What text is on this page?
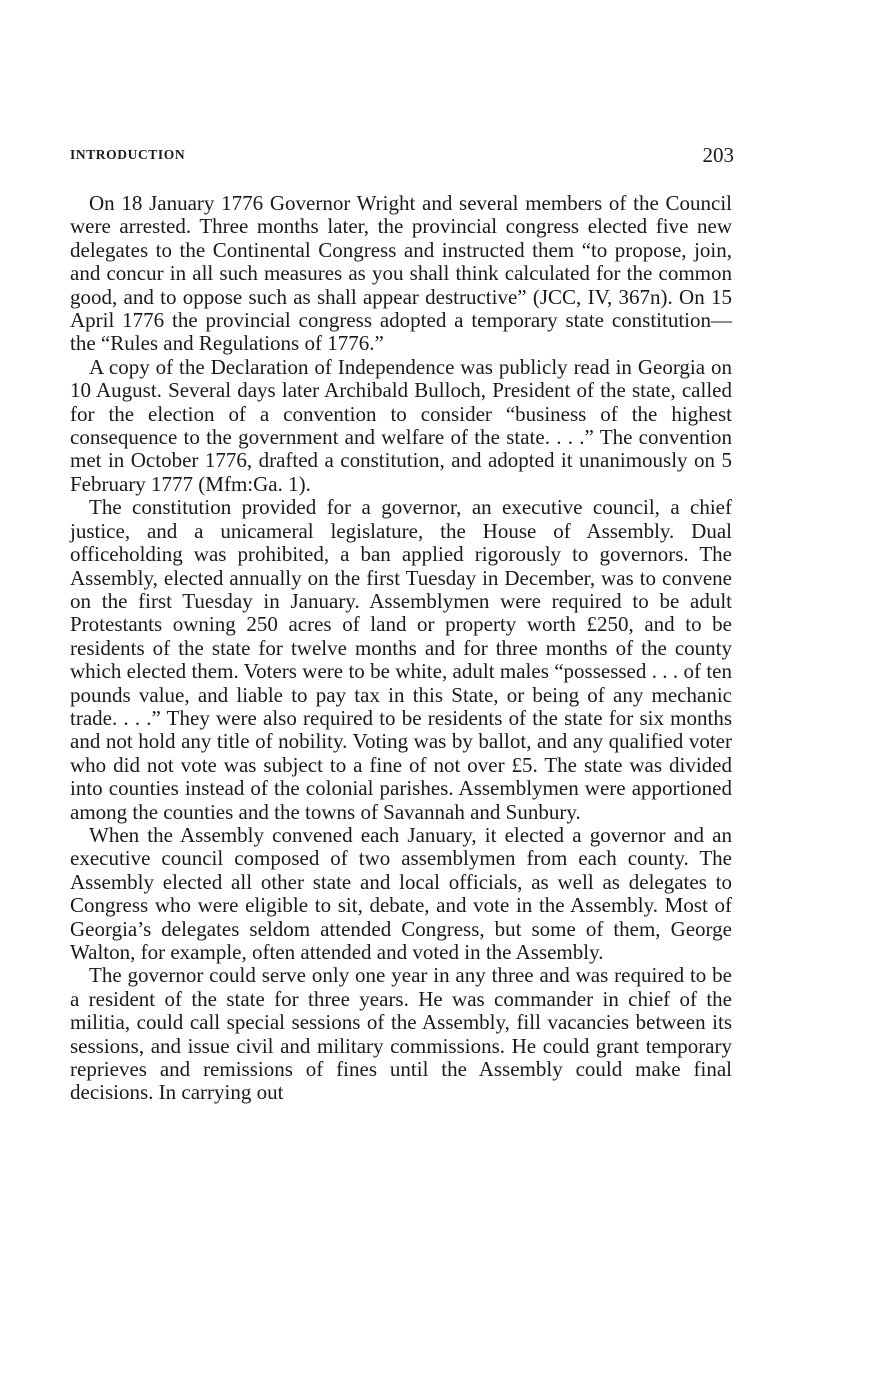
INTRODUCTION	203

On 18 January 1776 Governor Wright and several members of the Council were arrested. Three months later, the provincial congress elected five new delegates to the Continental Congress and instructed them “to propose, join, and concur in all such measures as you shall think calculated for the common good, and to oppose such as shall appear destructive” (JCC, IV, 367n). On 15 April 1776 the provincial congress adopted a temporary state constitution—the “Rules and Regulations of 1776.”

A copy of the Declaration of Independence was publicly read in Georgia on 10 August. Several days later Archibald Bulloch, President of the state, called for the election of a convention to consider “business of the highest consequence to the government and welfare of the state. . . .” The convention met in October 1776, drafted a constitution, and adopted it unanimously on 5 February 1777 (Mfm:Ga. 1).

The constitution provided for a governor, an executive council, a chief justice, and a unicameral legislature, the House of Assembly. Dual officeholding was prohibited, a ban applied rigorously to governors. The Assembly, elected annually on the first Tuesday in December, was to convene on the first Tuesday in January. Assemblymen were required to be adult Protestants owning 250 acres of land or property worth £250, and to be residents of the state for twelve months and for three months of the county which elected them. Voters were to be white, adult males “possessed . . . of ten pounds value, and liable to pay tax in this State, or being of any mechanic trade. . . .” They were also required to be residents of the state for six months and not hold any title of nobility. Voting was by ballot, and any qualified voter who did not vote was subject to a fine of not over £5. The state was divided into counties instead of the colonial parishes. Assemblymen were apportioned among the counties and the towns of Savannah and Sunbury.

When the Assembly convened each January, it elected a governor and an executive council composed of two assemblymen from each county. The Assembly elected all other state and local officials, as well as delegates to Congress who were eligible to sit, debate, and vote in the Assembly. Most of Georgia’s delegates seldom attended Congress, but some of them, George Walton, for example, often attended and voted in the Assembly.

The governor could serve only one year in any three and was required to be a resident of the state for three years. He was commander in chief of the militia, could call special sessions of the Assembly, fill vacancies between its sessions, and issue civil and military commissions. He could grant temporary reprieves and remissions of fines until the Assembly could make final decisions. In carrying out
